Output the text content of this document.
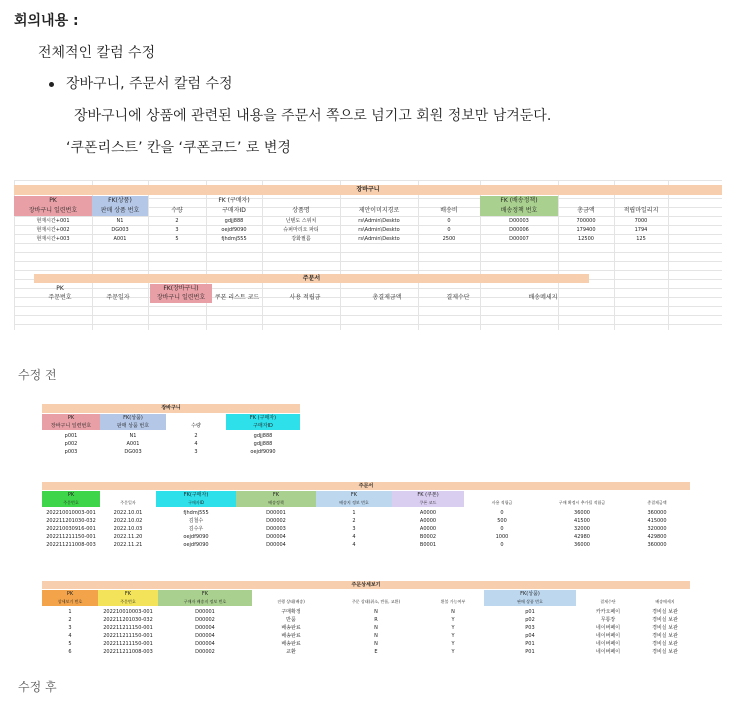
회의내용 :
전체적인 칼럼 수정
장바구니, 주문서 칼럼 수정
장바구니에 상품에 관련된 내용을 주문서 쪽으로 넘기고 회원 정보만 남겨둔다.
‘쿠폰리스트’ 칸을 ‘쿠폰코드’ 로 변경
장바구니
PK	FK(상품)	FK (구매자)	FK (배송정책)
장바구니 일련번호	판매 상품 번호	수량	구매자ID	상품명	제안이미지경로	배송비	배송정책 번호	총금액	적립마일리지
현재시간+001	N1	2	gdjj888	닌텐도 스위치	rs\Admin\Deskto	0	D00003	700000	7000
현재시간+002	DG003	3	oejdf9090	슈퍼마리오 파티	rs\Admin\Deskto	0	D00006	179400	1794
현재시간+003	A001	5	fjhdmj555	강화필름	rs\Admin\Deskto	2500	D00007	12500	125
주문서
PK	FK(장바구니)
주문번호	주문일자	장바구니 일련번호	쿠폰 리스트 코드	사용 적립금	총결제금액	결제수단	배송메세지
수정 전
장바구니
PK	FK(상품)	FK (구매자)
장바구니 일련번호	판매 상품 번호	수량	구매자ID
p001	N1	2	gdjj888
p002	A001	4	gdjj888
p003	DG003	3	oejdf9090
주문서
PK	FK(구매자)	FK	FK	FK (쿠폰)
주문번호	주문일자	구매자ID	배송정책	배송지 정보 번호	쿠폰 코드	사용 적립금	구매 확정시 추가될 적립금	총결제금액
202210010003-001	2022.10.01	fjhdmj555	D00001	1	A0000	0	36000	360000
202211201030-032	2022.10.02	김철수	D00002	2	A0000	500	41500	415000
202210030916-001	2022.10.03	김수우	D00003	3	A0000	0	32000	320000
202211211150-001	2022.11.20	oejdf9090	D00004	4	B0002	1000	42980	429800
202211211008-003	2022.11.21	oejdf9090	D00004	4	B0001	0	36000	360000
주문상세보기
PK	FK	FK	FK(상품)
상세보기 번호	주문번호	구매자 배송지 정보 번호	진행 상태(배송)	주문 상태(취소, 반품, 교환)	환불 가능여부	판매 상품 번호	결제수단	배송메세지
1	202210010003-001	D00001	구매확정	N	N	p01	카카오페이	경비실 보관
2	202211201030-032	D00002	반품	R	Y	p02	무통장	경비실 보관
3	202211211150-001	D00004	배송완료	N	Y	P03	네이버페이	경비실 보관
4	202211211150-001	D00004	배송완료	N	Y	p04	네이버페이	경비실 보관
5	202211211150-001	D00004	배송완료	N	Y	P01	네이버페이	경비실 보관
6	202211211008-003	D00002	교환	E	Y	P01	네이버페이	경비실 보관
수정 후
